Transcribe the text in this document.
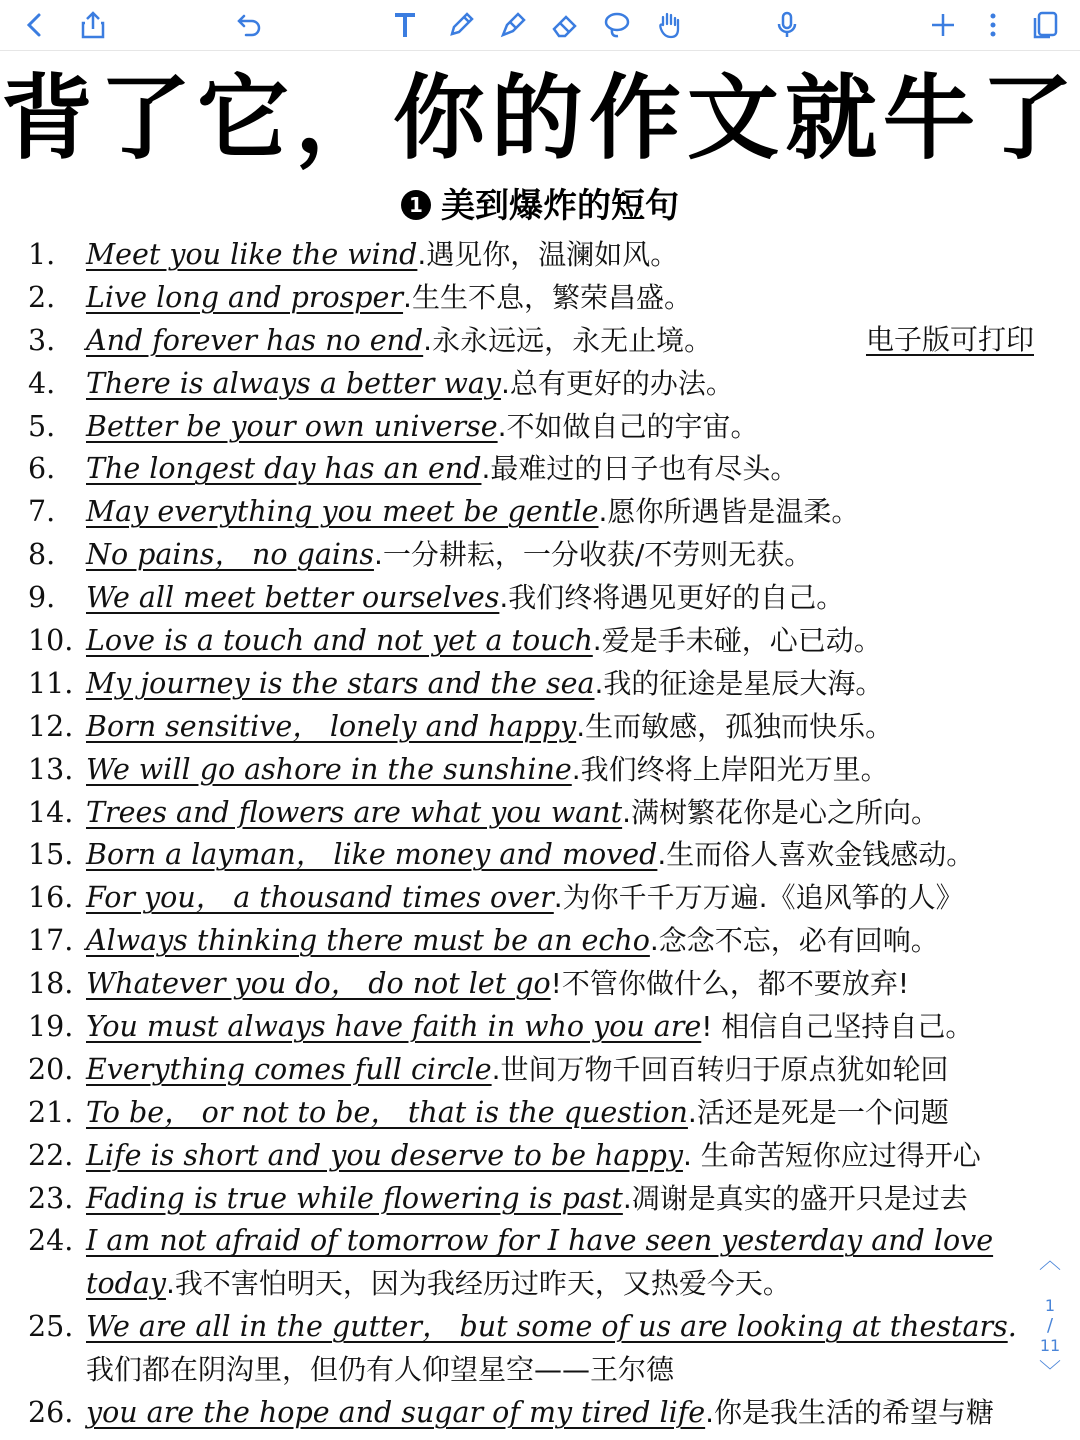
背了它，你的作文就牛了
1 美到爆炸的短句
电子版可打印
1. Meet you like the wind.遇见你，温澜如风。
2. Live long and prosper.生生不息，繁荣昌盛。
3. And forever has no end.永永远远，永无止境。
4. There is always a better way.总有更好的办法。
5. Better be your own universe.不如做自己的宇宙。
6. The longest day has an end.最难过的日子也有尽头。
7. May everything you meet be gentle.愿你所遇皆是温柔。
8. No pains， no gains.一分耕耘，一分收获/不劳则无获。
9. We all meet better ourselves.我们终将遇见更好的自己。
10. Love is a touch and not yet a touch.爱是手未碰，心已动。
11. My journey is the stars and the sea.我的征途是星辰大海。
12. Born sensitive， lonely and happy.生而敏感，孤独而快乐。
13. We will go ashore in the sunshine.我们终将上岸阳光万里。
14. Trees and flowers are what you want.满树繁花你是心之所向。
15. Born a layman， like money and moved.生而俗人喜欢金钱感动。
16. For you， a thousand times over.为你千千万万遍.《追风筝的人》
17. Always thinking there must be an echo.念念不忘，必有回响。
18. Whatever you do， do not let go!不管你做什么，都不要放弃!
19. You must always have faith in who you are! 相信自己坚持自己。
20. Everything comes full circle.世间万物千回百转归于原点犹如轮回
21. To be， or not to be， that is the question.活还是死是一个问题
22. Life is short and you deserve to be happy. 生命苦短你应过得开心
23. Fading is true while flowering is past.凋谢是真实的盛开只是过去
24. I am not afraid of tomorrow for I have seen yesterday and love
today.我不害怕明天，因为我经历过昨天，又热爱今天。
25. We are all in the gutter， but some of us are looking at thestars.
我们都在阴沟里，但仍有人仰望星空——王尔德
26. you are the hope and sugar of my tired life.你是我生活的希望与糖
︿
1
/
11
﹀
